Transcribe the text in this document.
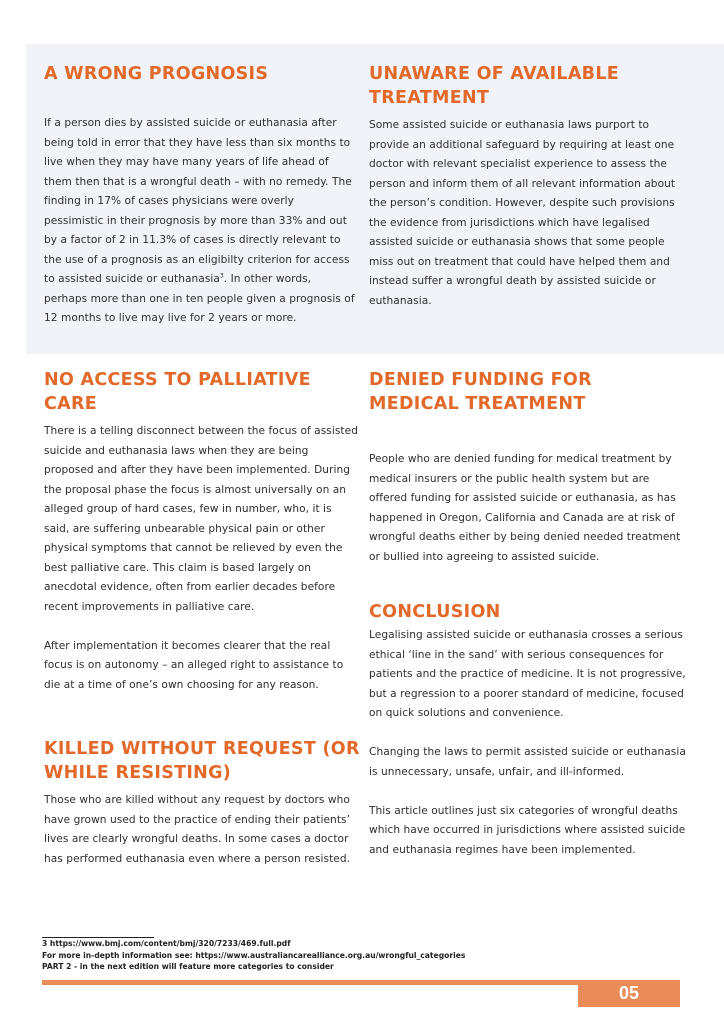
A WRONG PROGNOSIS

If a person dies by assisted suicide or euthanasia after being told in error that they have less than six months to live when they may have many years of life ahead of them then that is a wrongful death – with no remedy. The finding in 17% of cases physicians were overly pessimistic in their prognosis by more than 33% and out by a factor of 2 in 11.3% of cases is directly relevant to the use of a prognosis as an eligibilty criterion for access to assisted suicide or euthanasia$^3$. In other words, perhaps more than one in ten people given a prognosis of 12 months to live may live for 2 years or more.

UNAWARE OF AVAILABLE TREATMENT

Some assisted suicide or euthanasia laws purport to provide an additional safeguard by requiring at least one doctor with relevant specialist experience to assess the person and inform them of all relevant information about the person’s condition. However, despite such provisions the evidence from jurisdictions which have legalised assisted suicide or euthanasia shows that some people miss out on treatment that could have helped them and instead suffer a wrongful death by assisted suicide or euthanasia.

NO ACCESS TO PALLIATIVE CARE

There is a telling disconnect between the focus of assisted suicide and euthanasia laws when they are being proposed and after they have been implemented. During the proposal phase the focus is almost universally on an alleged group of hard cases, few in number, who, it is said, are suffering unbearable physical pain or other physical symptoms that cannot be relieved by even the best palliative care. This claim is based largely on anecdotal evidence, often from earlier decades before recent improvements in palliative care.

After implementation it becomes clearer that the real focus is on autonomy – an alleged right to assistance to die at a time of one’s own choosing for any reason.

KILLED WITHOUT REQUEST (OR WHILE RESISTING)

Those who are killed without any request by doctors who have grown used to the practice of ending their patients’ lives are clearly wrongful deaths. In some cases a doctor has performed euthanasia even where a person resisted.

DENIED FUNDING FOR MEDICAL TREATMENT

People who are denied funding for medical treatment by medical insurers or the public health system but are offered funding for assisted suicide or euthanasia, as has happened in Oregon, California and Canada are at risk of wrongful deaths either by being denied needed treatment or bullied into agreeing to assisted suicide.

CONCLUSION

Legalising assisted suicide or euthanasia crosses a serious ethical ‘line in the sand’ with serious consequences for patients and the practice of medicine. It is not progressive, but a regression to a poorer standard of medicine, focused on quick solutions and convenience.

Changing the laws to permit assisted suicide or euthanasia is unnecessary, unsafe, unfair, and ill-informed.

This article outlines just six categories of wrongful deaths which have occurred in jurisdictions where assisted suicide and euthanasia regimes have been implemented.

3 https://www.bmj.com/content/bmj/320/7233/469.full.pdf
For more in-depth information see: https://www.australiancarealliance.org.au/wrongful_categories
PART 2 - in the next edition will feature more categories to consider
05
